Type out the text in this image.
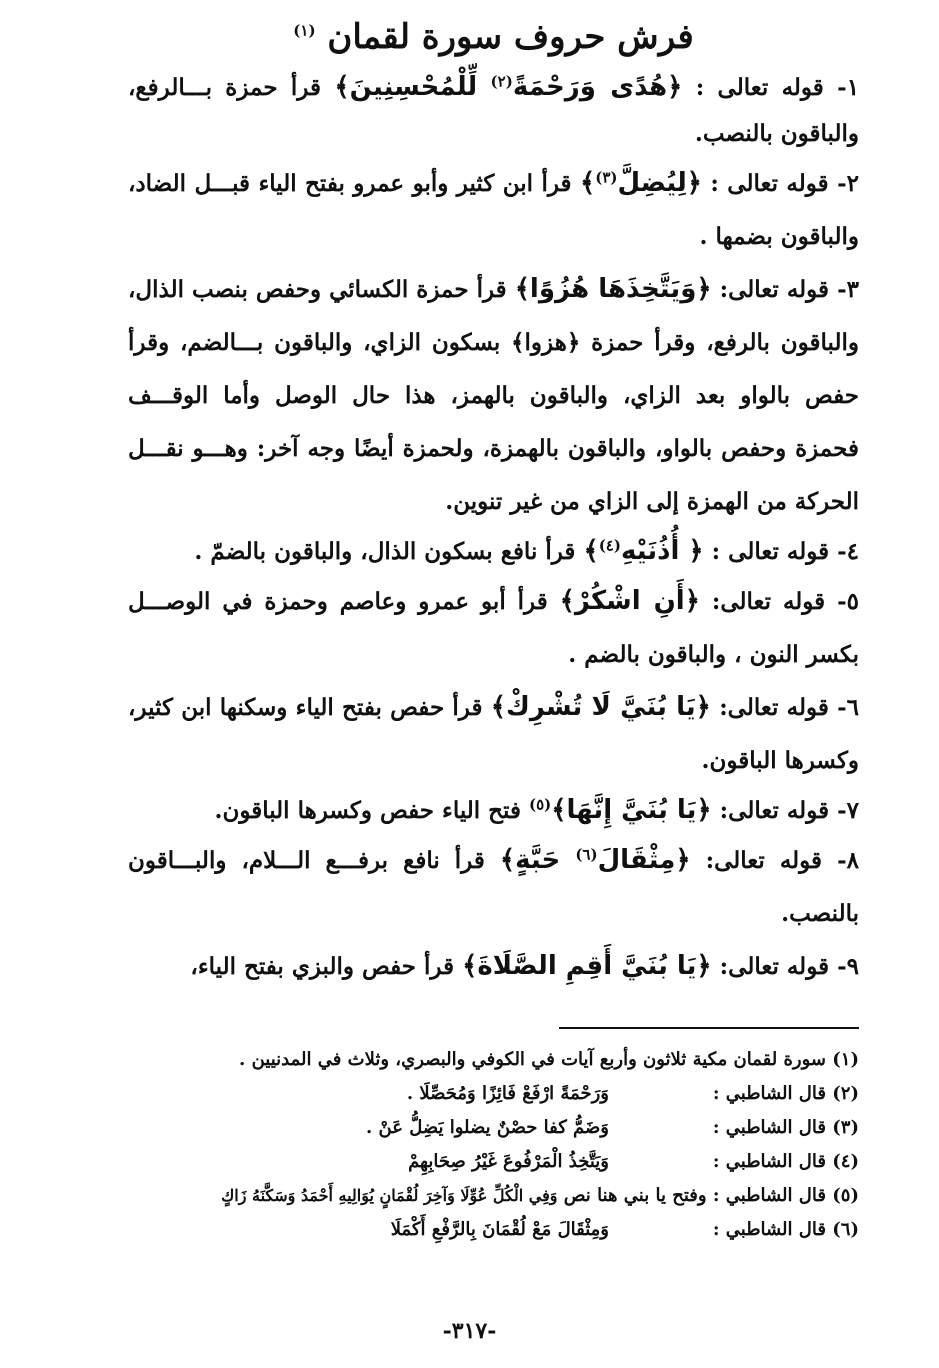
فرش حروف سورة لقمان $^{(١)}$

١- قوله تعالى : ﴿هُدًى وَرَحْمَةً$^{(٢)}$ لِّلْمُحْسِنِينَ﴾ قرأ حمزة بـــالرفع، والباقون بالنصب.

٢- قوله تعالى : ﴿لِيُضِلَّ$^{(٣)}$﴾ قرأ ابن كثير وأبو عمرو بفتح الياء قبـــل الضاد، والباقون بضمها .

٣- قوله تعالى: ﴿وَيَتَّخِذَهَا هُزُوًا﴾ قرأ حمزة الكسائي وحفص بنصب الذال، والباقون بالرفع، وقرأ حمزة ﴿هزوا﴾ بسكون الزاي، والباقون بـــالضم، وقرأ حفص بالواو بعد الزاي، والباقون بالهمز، هذا حال الوصل وأما الوقـــف فحمزة وحفص بالواو، والباقون بالهمزة، ولحمزة أيضًا وجه آخر: وهـــو نقـــل الحركة من الهمزة إلى الزاي من غير تنوين.

٤- قوله تعالى : ﴿ أُذُنَيْهِ$^{(٤)}$﴾ قرأ نافع بسكون الذال، والباقون بالضمّ .

٥- قوله تعالى: ﴿أَنِ اشْكُرْ﴾ قرأ أبو عمرو وعاصم وحمزة في الوصـــل بكسر النون ، والباقون بالضم .

٦- قوله تعالى: ﴿يَا بُنَيَّ لَا تُشْرِكْ﴾ قرأ حفص بفتح الياء وسكنها ابن كثير، وكسرها الباقون.

٧- قوله تعالى: ﴿يَا بُنَيَّ إِنَّهَا﴾$^{(٥)}$ فتح الياء حفص وكسرها الباقون.

٨- قوله تعالى: ﴿مِثْقَالَ$^{(٦)}$ حَبَّةٍ﴾ قرأ نافع برفـــع الـــلام، والبـــاقون بالنصب.

٩- قوله تعالى: ﴿يَا بُنَيَّ أَقِمِ الصَّلَاةَ﴾ قرأ حفص والبزي بفتح الياء،

(١) سورة لقمان مكية ثلاثون وأربع آيات في الكوفي والبصري، وثلاث في المدنيين .
(٢) قال الشاطبي :
وَرَحْمَةً ارْفَعْ فَائِزًا وَمُحَصِّلَا .
(٣) قال الشاطبي :
وَضَمُّ كفا حصْنٌ يضلوا يَضِلُّ عَنْ .
(٤) قال الشاطبي :
وَيَتَّخِذُ الْمَرْفُوعَ غَيْرُ صِحَابِهِمْ
(٥) قال الشاطبي : وفتح يا بني هنا نص وَفِي الْكُلِّ عُوِّلَا وَآخِرَ لُقْمَانٍ يُوَالِيهِ أَحْمَدُ وَسَكَّنَهُ زَاكٍ
(٦) قال الشاطبي :
وَمِثْقَالَ مَعْ لُقْمَانَ بِالرَّفْعِ أَكْمَلَا
-٣١٧-
